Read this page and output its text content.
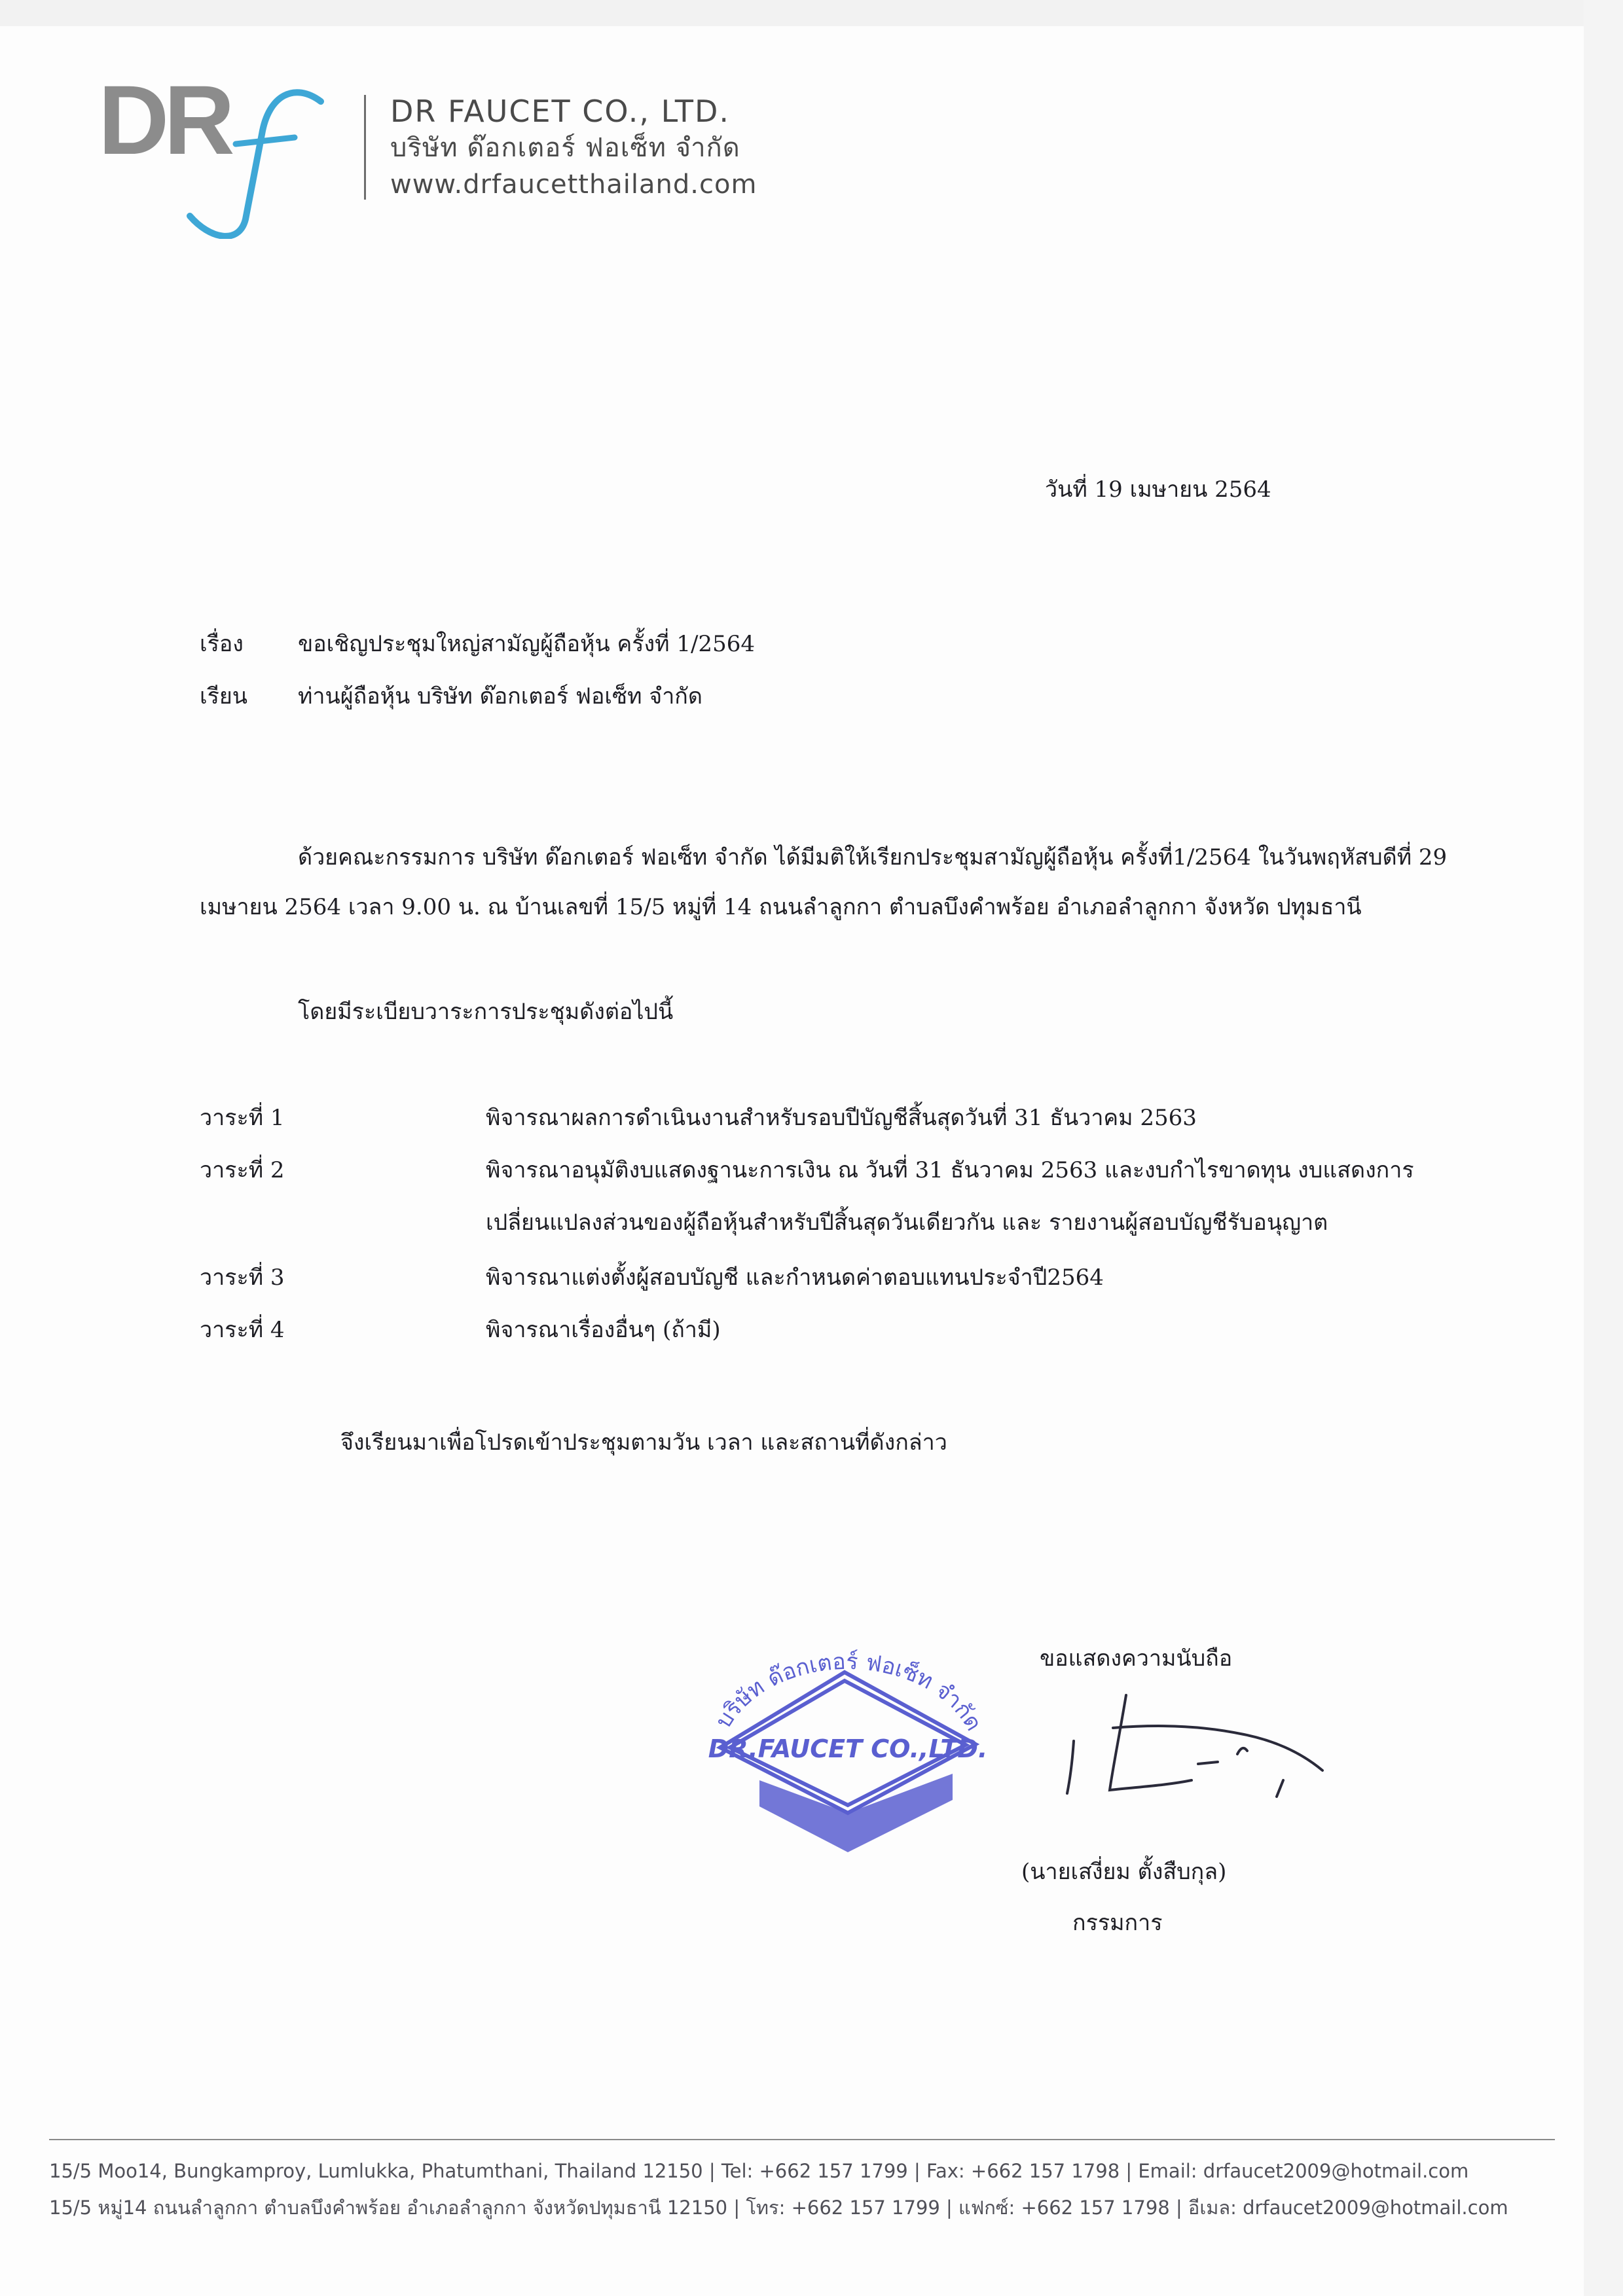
DR	DR FAUCET CO., LTD.
บริษัท ด๊อกเตอร์ ฟอเซ็ท จำกัด
www.drfaucetthailand.com
วันที่ 19 เมษายน 2564
เรื่อง ขอเชิญประชุมใหญ่สามัญผู้ถือหุ้น ครั้งที่ 1/2564
เรียน ท่านผู้ถือหุ้น บริษัท ด๊อกเตอร์ ฟอเซ็ท จำกัด
ด้วยคณะกรรมการ บริษัท ด๊อกเตอร์ ฟอเซ็ท จำกัด ได้มีมติให้เรียกประชุมสามัญผู้ถือหุ้น ครั้งที่1/2564 ในวันพฤหัสบดีที่ 29
เมษายน 2564 เวลา 9.00 น. ณ บ้านเลขที่ 15/5 หมู่ที่ 14 ถนนลำลูกกา ตำบลบึงคำพร้อย อำเภอลำลูกกา จังหวัด ปทุมธานี
โดยมีระเบียบวาระการประชุมดังต่อไปนี้
วาระที่ 1	พิจารณาผลการดำเนินงานสำหรับรอบปีบัญชีสิ้นสุดวันที่ 31 ธันวาคม 2563
วาระที่ 2	พิจารณาอนุมัติงบแสดงฐานะการเงิน ณ วันที่ 31 ธันวาคม 2563 และงบกำไรขาดทุน งบแสดงการ
เปลี่ยนแปลงส่วนของผู้ถือหุ้นสำหรับปีสิ้นสุดวันเดียวกัน และ รายงานผู้สอบบัญชีรับอนุญาต
วาระที่ 3	พิจารณาแต่งตั้งผู้สอบบัญชี และกำหนดค่าตอบแทนประจำปี2564
วาระที่ 4	พิจารณาเรื่องอื่นๆ (ถ้ามี)
จึงเรียนมาเพื่อโปรดเข้าประชุมตามวัน เวลา และสถานที่ดังกล่าว
ขอแสดงความนับถือ
บริษัท ด๊อกเตอร์ ฟอเซ็ท จำกัด
DR.FAUCET CO.,LTD.
(นายเสงี่ยม ตั้งสืบกุล)
กรรมการ
15/5 Moo14, Bungkamproy, Lumlukka, Phatumthani, Thailand 12150 | Tel: +662 157 1799 | Fax: +662 157 1798 | Email: drfaucet2009@hotmail.com
15/5 หมู่14 ถนนลำลูกกา ตำบลบึงคำพร้อย อำเภอลำลูกกา จังหวัดปทุมธานี 12150 | โทร: +662 157 1799 | แฟกซ์: +662 157 1798 | อีเมล: drfaucet2009@hotmail.com
